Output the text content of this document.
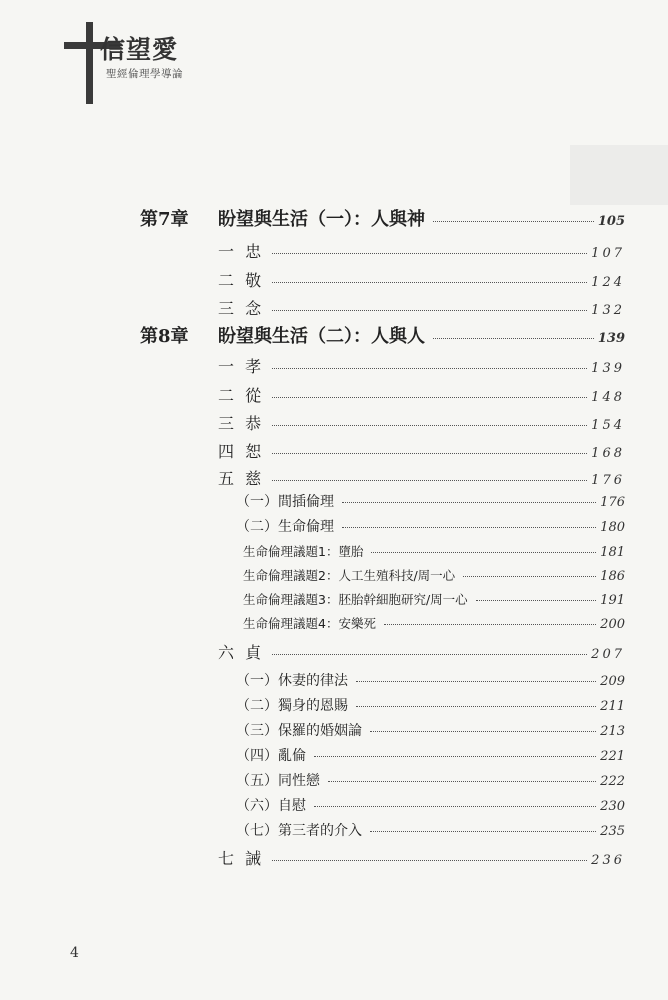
信望愛
聖經倫理學導論
第7章 盼望與生活（一）：人與神	105
一 忠	107
二 敬	124
三 念	132
第8章 盼望與生活（二）：人與人	139
一 孝	139
二 從	148
三 恭	154
四 恕	168
五 慈	176
（一）間插倫理	176
（二）生命倫理	180
生命倫理議題1：墮胎	181
生命倫理議題2：人工生殖科技/周一心	186
生命倫理議題3：胚胎幹細胞研究/周一心	191
生命倫理議題4：安樂死	200
六 貞	207
（一）休妻的律法	209
（二）獨身的恩賜	211
（三）保羅的婚姻論	213
（四）亂倫	221
（五）同性戀	222
（六）自慰	230
（七）第三者的介入	235
七 誡	236
4
